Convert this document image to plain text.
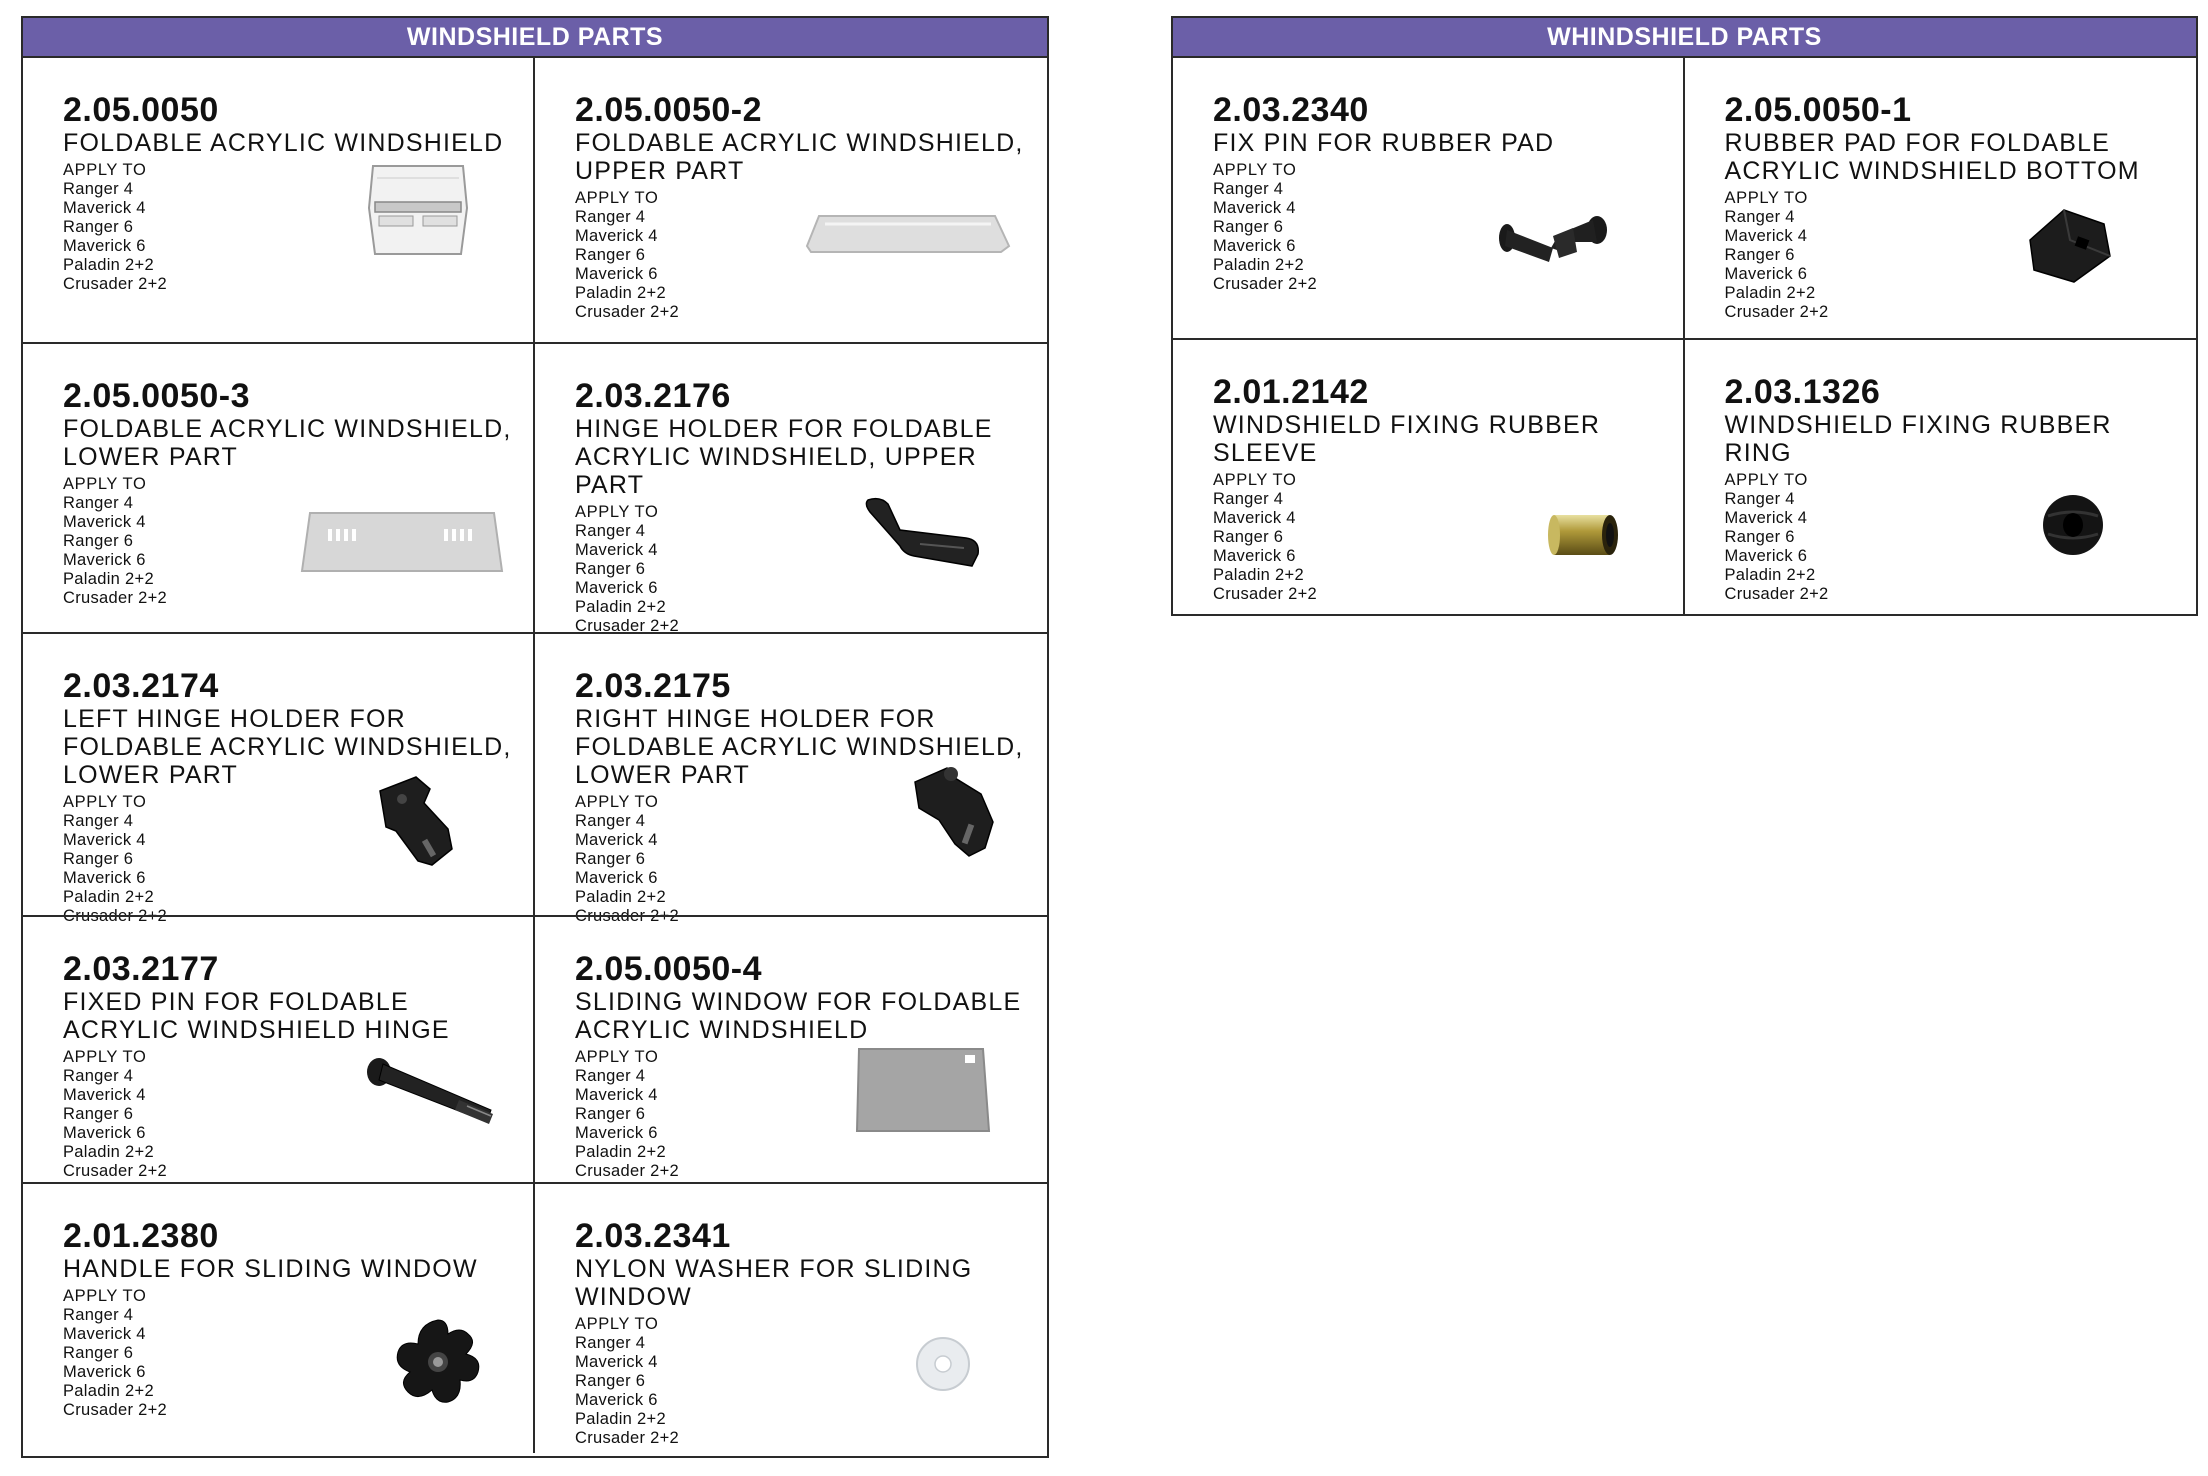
WINDSHIELD PARTS
2.05.0050
FOLDABLE ACRYLIC WINDSHIELD
APPLY TO
Ranger 4
Maverick 4
Ranger 6
Maverick 6
Paladin 2+2
Crusader 2+2
2.05.0050-2
FOLDABLE ACRYLIC WINDSHIELD, UPPER PART
APPLY TO
Ranger 4
Maverick 4
Ranger 6
Maverick 6
Paladin 2+2
Crusader 2+2
2.05.0050-3
FOLDABLE ACRYLIC WINDSHIELD, LOWER PART
APPLY TO
Ranger 4
Maverick 4
Ranger 6
Maverick 6
Paladin 2+2
Crusader 2+2
2.03.2176
HINGE HOLDER FOR FOLDABLE ACRYLIC WINDSHIELD, UPPER PART
APPLY TO
Ranger 4
Maverick 4
Ranger 6
Maverick 6
Paladin 2+2
Crusader 2+2
2.03.2174
LEFT HINGE HOLDER FOR FOLDABLE ACRYLIC WINDSHIELD, LOWER PART
APPLY TO
Ranger 4
Maverick 4
Ranger 6
Maverick 6
Paladin 2+2
Crusader 2+2
2.03.2175
RIGHT HINGE HOLDER FOR FOLDABLE ACRYLIC WINDSHIELD, LOWER PART
APPLY TO
Ranger 4
Maverick 4
Ranger 6
Maverick 6
Paladin 2+2
Crusader 2+2
2.03.2177
FIXED PIN FOR FOLDABLE ACRYLIC WINDSHIELD HINGE
APPLY TO
Ranger 4
Maverick 4
Ranger 6
Maverick 6
Paladin 2+2
Crusader 2+2
2.05.0050-4
SLIDING WINDOW FOR FOLDABLE ACRYLIC WINDSHIELD
APPLY TO
Ranger 4
Maverick 4
Ranger 6
Maverick 6
Paladin 2+2
Crusader 2+2
2.01.2380
HANDLE FOR SLIDING WINDOW
APPLY TO
Ranger 4
Maverick 4
Ranger 6
Maverick 6
Paladin 2+2
Crusader 2+2
2.03.2341
NYLON WASHER FOR SLIDING WINDOW
APPLY TO
Ranger 4
Maverick 4
Ranger 6
Maverick 6
Paladin 2+2
Crusader 2+2
WHINDSHIELD PARTS
2.03.2340
FIX PIN FOR RUBBER PAD
APPLY TO
Ranger 4
Maverick 4
Ranger 6
Maverick 6
Paladin 2+2
Crusader 2+2
2.05.0050-1
RUBBER PAD FOR FOLDABLE ACRYLIC WINDSHIELD BOTTOM
APPLY TO
Ranger 4
Maverick 4
Ranger 6
Maverick 6
Paladin 2+2
Crusader 2+2
2.01.2142
WINDSHIELD FIXING RUBBER SLEEVE
APPLY TO
Ranger 4
Maverick 4
Ranger 6
Maverick 6
Paladin 2+2
Crusader 2+2
2.03.1326
WINDSHIELD FIXING RUBBER RING
APPLY TO
Ranger 4
Maverick 4
Ranger 6
Maverick 6
Paladin 2+2
Crusader 2+2
